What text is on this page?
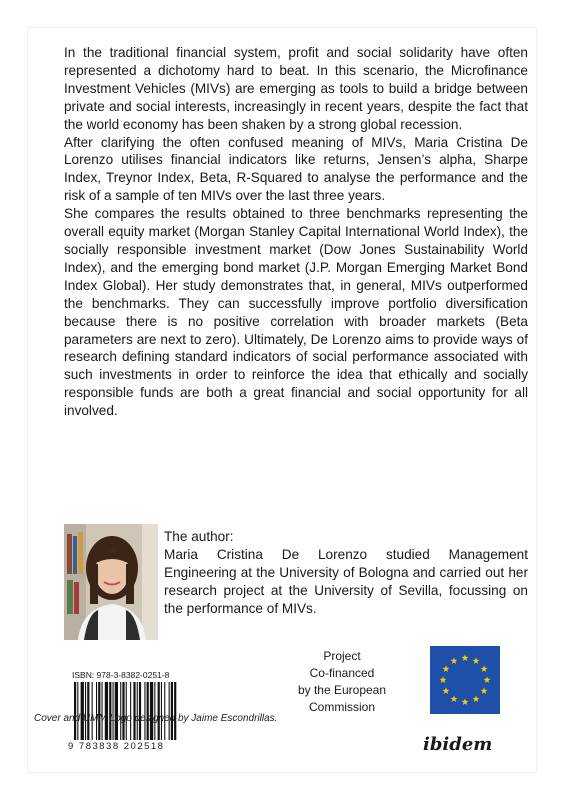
In the traditional financial system, profit and social solidarity have often represented a dichotomy hard to beat. In this scenario, the Microfinance Investment Vehicles (MIVs) are emerging as tools to build a bridge between private and social interests, increasingly in recent years, despite the fact that the world economy has been shaken by a strong global recession.

After clarifying the often confused meaning of MIVs, Maria Cristina De Lorenzo utilises financial indicators like returns, Jensen’s alpha, Sharpe Index, Treynor Index, Beta, R-Squared to analyse the performance and the risk of a sample of ten MIVs over the last three years.

She compares the results obtained to three benchmarks representing the overall equity market (Morgan Stanley Capital International World Index), the socially responsible investment market (Dow Jones Sustainability World Index), and the emerging bond market (J.P. Morgan Emerging Market Bond Index Global). Her study demonstrates that, in general, MIVs outperformed the benchmarks. They can successfully improve portfolio diversification because there is no positive correlation with broader markets (Beta parameters are next to zero). Ultimately, De Lorenzo aims to provide ways of research defining standard indicators of social performance associated with such investments in order to reinforce the idea that ethically and socially responsible funds are both a great financial and social opportunity for all involved.

The author:

Maria Cristina De Lorenzo studied Management Engineering at the University of Bologna and carried out her research project at the University of Sevilla, focussing on the performance of MIVs.

ISBN: 978-3-8382-0251-8
9 783838 202518

Project

Co-financed

by the European

Commission

ibidem
Cover and UMM Logo designed by Jaime Escondrillas.
